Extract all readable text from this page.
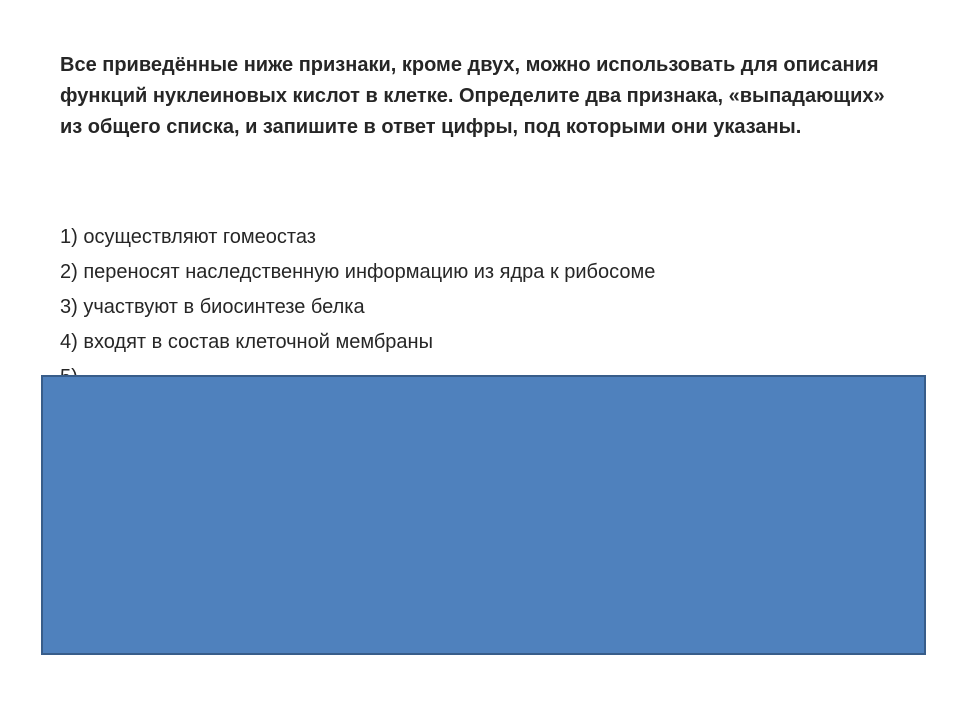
Все приведённые ниже признаки, кроме двух, можно использовать для описания функций нуклеиновых кислот в клетке. Определите два признака, «выпадающих» из общего списка, и запишите в ответ цифры, под которыми они указаны.

1) осуществляют гомеостаз
2) переносят наследственную информацию из ядра к рибосоме
3) участвуют в биосинтезе белка
4) входят в состав клеточной мембраны
